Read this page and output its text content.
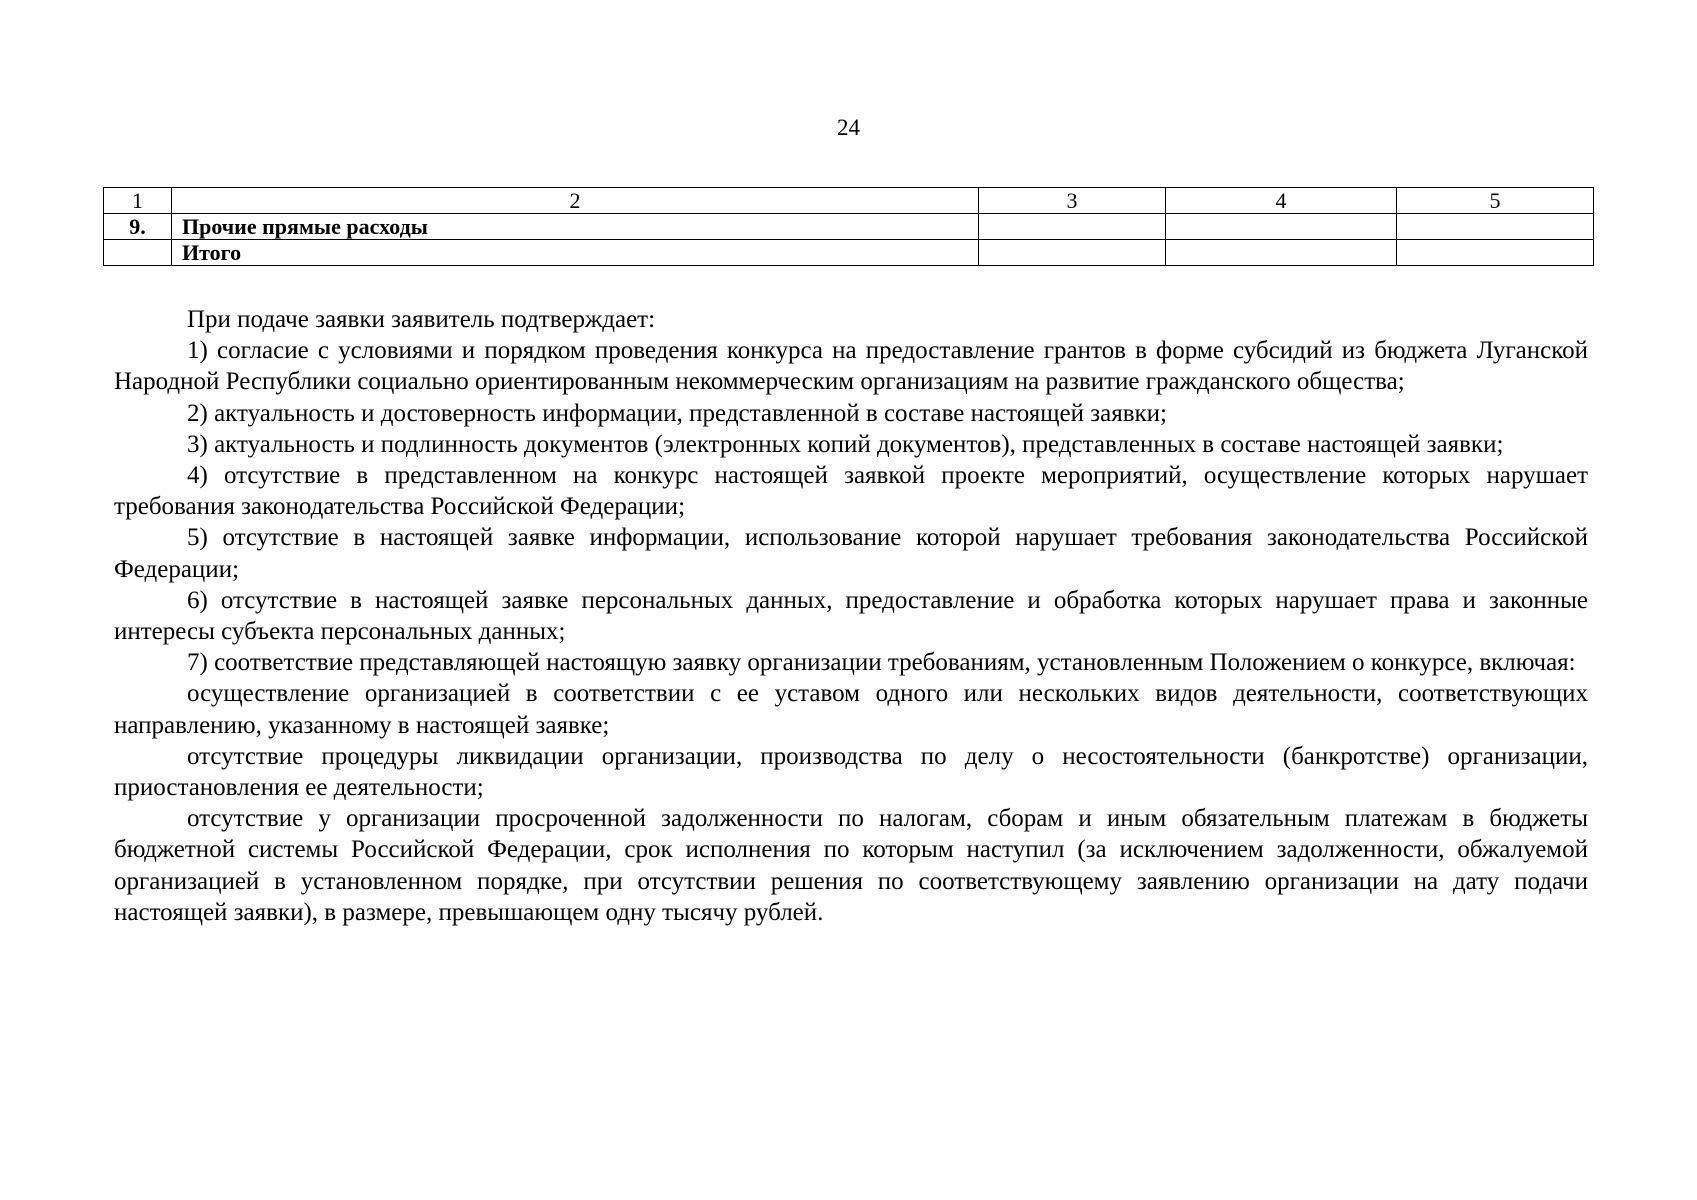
24
1	2	3	4	5
9.	Прочие прямые расходы			
	Итого			

При подаче заявки заявитель подтверждает:

1) согласие с условиями и порядком проведения конкурса на предоставление грантов в форме субсидий из бюджета Луганской Народной Республики социально ориентированным некоммерческим организациям на развитие гражданского общества;

2) актуальность и достоверность информации, представленной в составе настоящей заявки;

3) актуальность и подлинность документов (электронных копий документов), представленных в составе настоящей заявки;

4) отсутствие в представленном на конкурс настоящей заявкой проекте мероприятий, осуществление которых нарушает требования законодательства Российской Федерации;

5) отсутствие в настоящей заявке информации, использование которой нарушает требования законодательства Российской Федерации;

6) отсутствие в настоящей заявке персональных данных, предоставление и обработка которых нарушает права и законные интересы субъекта персональных данных;

7) соответствие представляющей настоящую заявку организации требованиям, установленным Положением о конкурсе, включая:

осуществление организацией в соответствии с ее уставом одного или нескольких видов деятельности, соответствующих направлению, указанному в настоящей заявке;

отсутствие процедуры ликвидации организации, производства по делу о несостоятельности (банкротстве) организации, приостановления ее деятельности;

отсутствие у организации просроченной задолженности по налогам, сборам и иным обязательным платежам в бюджеты бюджетной системы Российской Федерации, срок исполнения по которым наступил (за исключением задолженности, обжалуемой организацией в установленном порядке, при отсутствии решения по соответствующему заявлению организации на дату подачи настоящей заявки), в размере, превышающем одну тысячу рублей.
